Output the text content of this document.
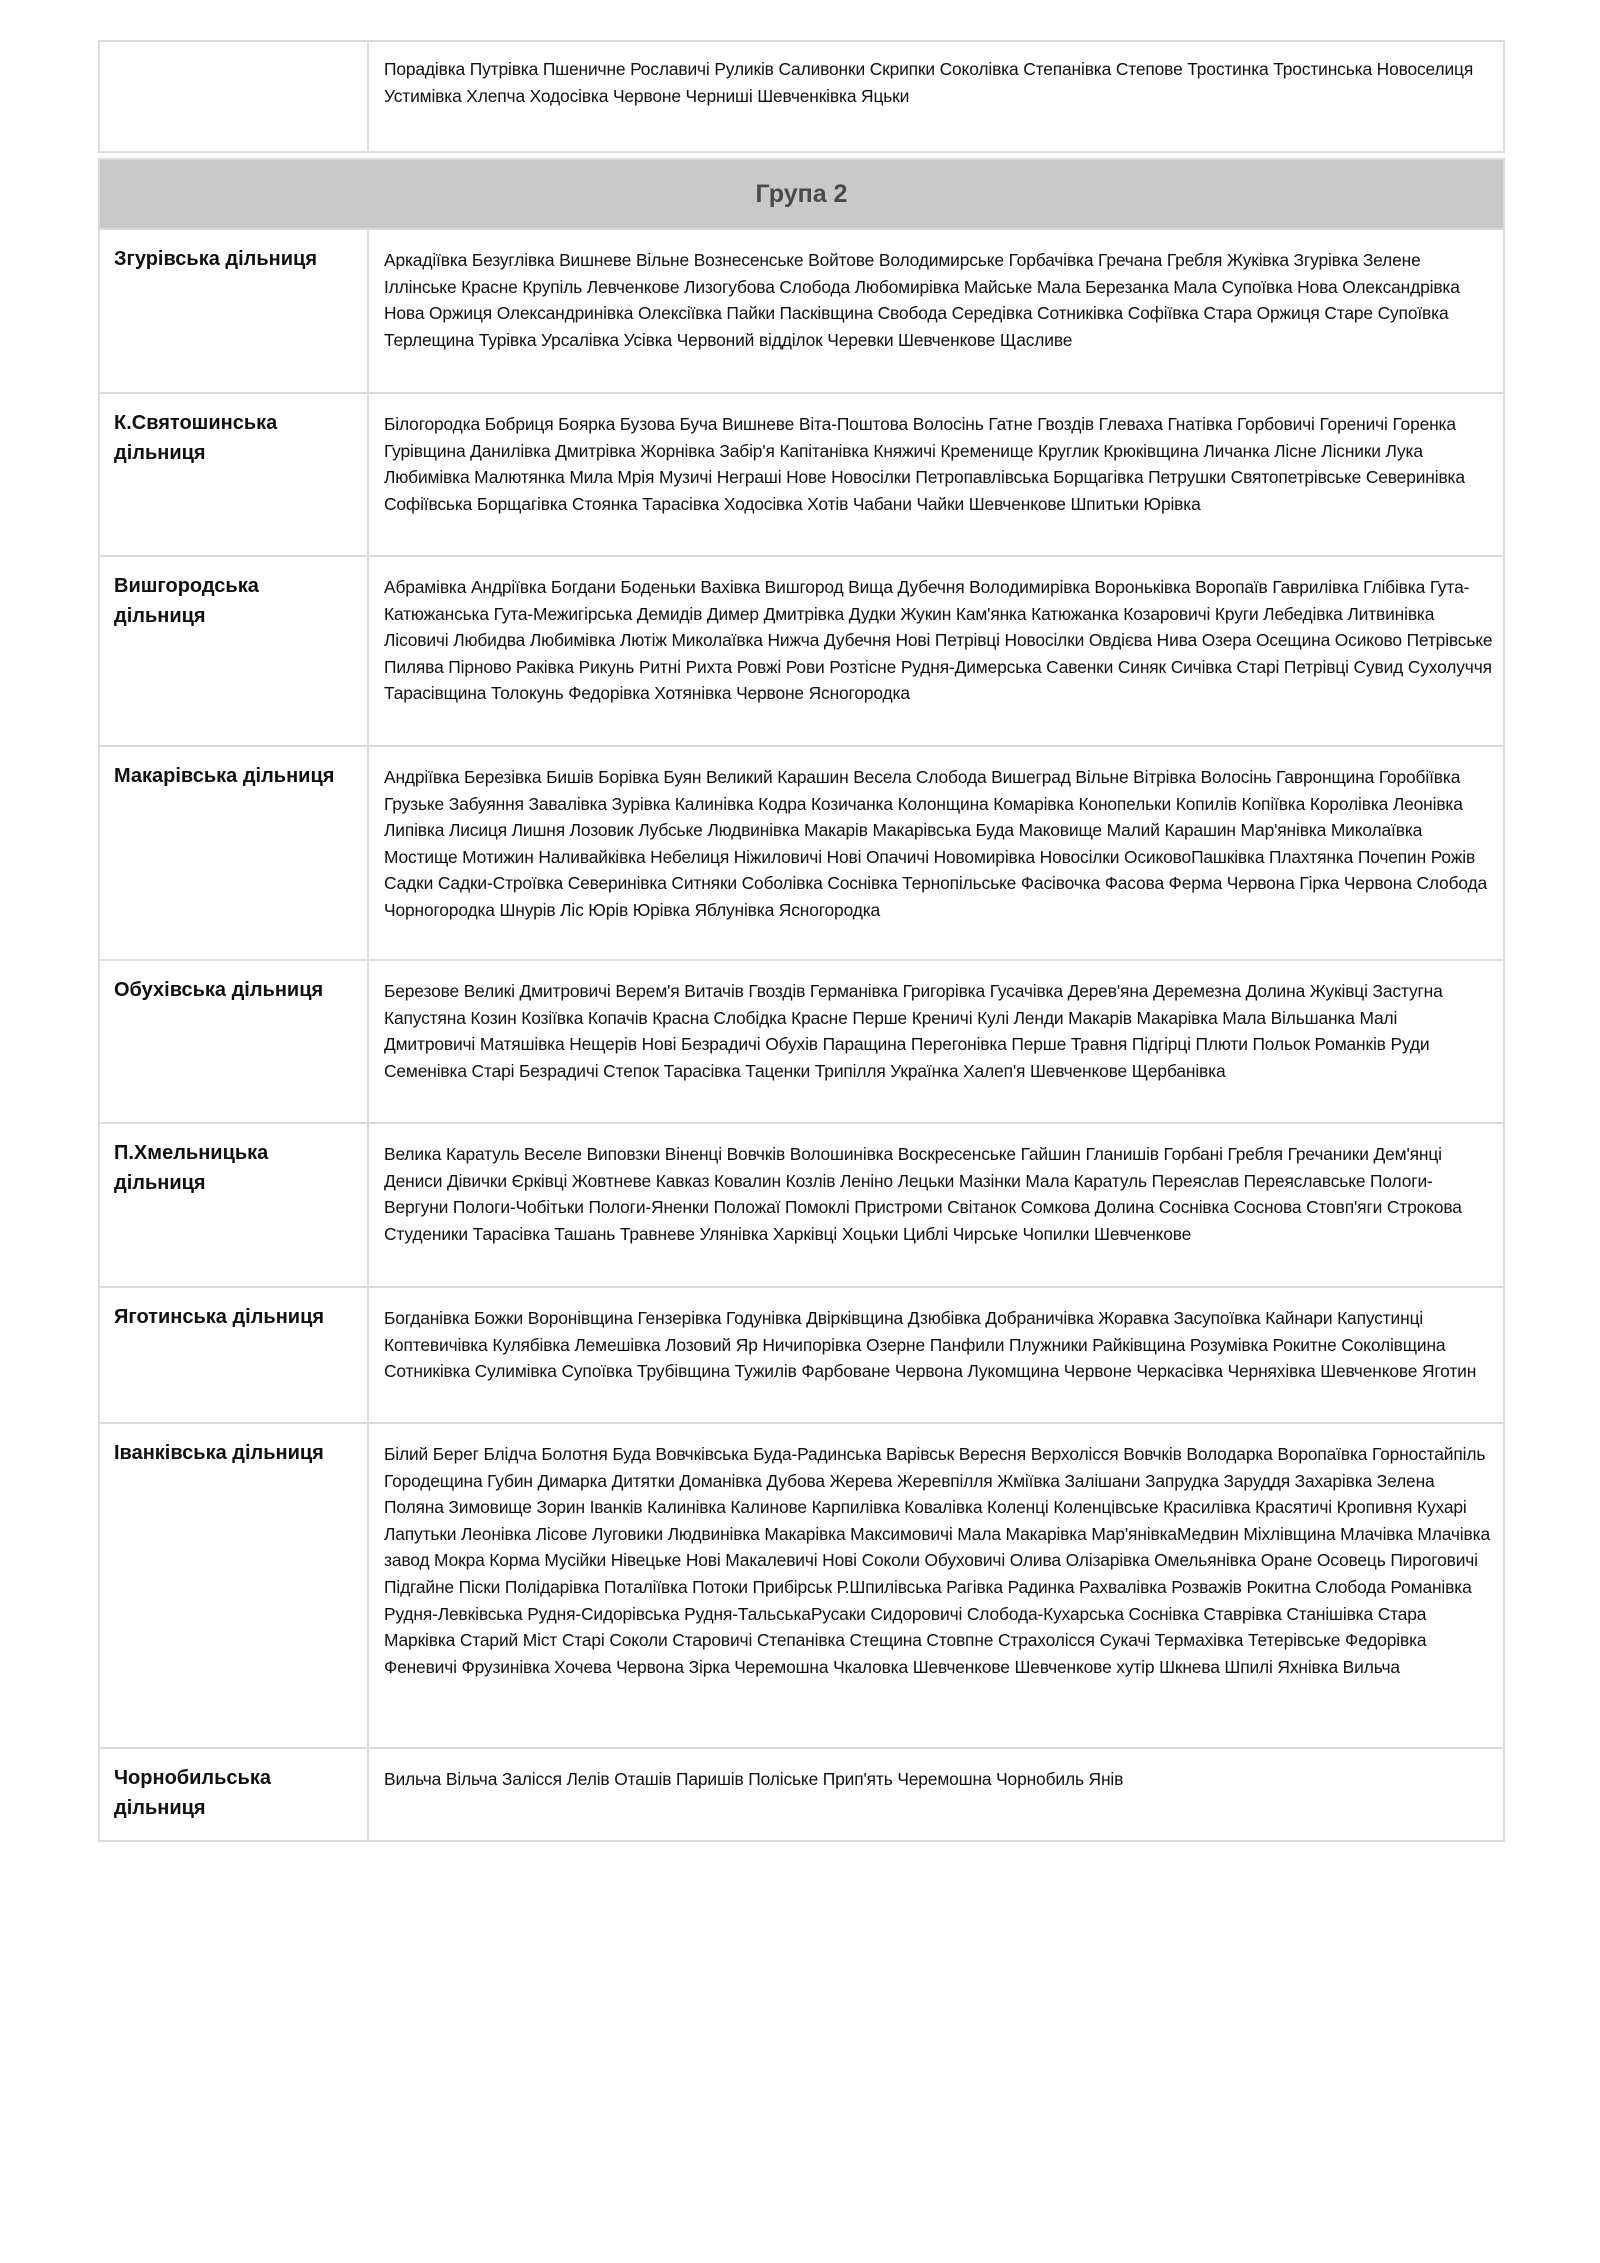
	Порадівка Путрівка Пшеничне Рославичі Руликів Саливонки Скрипки Соколівка Степанівка Степове Тростинка Тростинська Новоселиця Устимівка Хлепча Ходосівка Червоне Черниші Шевченківка Яцьки
Група 2	
Згурівська дільниця	Аркадіївка Безуглівка Вишневе Вільне Вознесенське Войтове Володимирське Горбачівка Гречана Гребля Жуківка Згурівка Зелене Іллінське Красне Крупіль Левченкове Лизогубова Слобода Любомирівка Майське Мала Березанка Мала Супоївка Нова Олександрівка Нова Оржиця Олександринівка Олексіївка Пайки Пасківщина Свобода Середівка Сотниківка Софіївка Стара Оржиця Старе Супоївка Терлещина Турівка Урсалівка Усівка Червоний відділок Черевки Шевченкове Щасливе
К.Святошинська дільниця	Білогородка Бобриця Боярка Бузова Буча Вишневе Віта-Поштова Волосінь Гатне Гвоздів Глеваха Гнатівка Горбовичі Гореничі Горенка Гурівщина Данилівка Дмитрівка Жорнівка Забір'я Капітанівка Княжичі Кременище Круглик Крюківщина Личанка Лісне Лісники Лука Любимівка Малютянка Мила Мрія Музичі Неграші Нове Новосілки Петропавлівська Борщагівка Петрушки Святопетрівське Северинівка Софіївська Борщагівка Стоянка Тарасівка Ходосівка Хотів Чабани Чайки Шевченкове Шпитьки Юрівка
Вишгородська дільниця	Абрамівка Андріївка Богдани Боденьки Вахівка Вишгород Вища Дубечня Володимирівка Вороньківка Воропаїв Гаврилівка Глібівка Гута-Катюжанська Гута-Межигірська Демидів Димер Дмитрівка Дудки Жукин Кам'янка Катюжанка Козаровичі Круги Лебедівка Литвинівка Лісовичі Любидва Любимівка Лютіж Миколаївка Нижча Дубечня Нові Петрівці Новосілки Овдієва Нива Озера Осещина Осиково Петрівське Пилява Пірново Раківка Рикунь Ритні Рихта Ровжі Рови Розтісне Рудня-Димерська Савенки Синяк Сичівка Старі Петрівці Сувид Сухолуччя Тарасівщина Толокунь Федорівка Хотянівка Червоне Ясногородка
Макарівська дільниця	Андріївка Березівка Бишів Борівка Буян Великий Карашин Весела Слобода Вишеград Вільне Вітрівка Волосінь Гавронщина Горобіївка Грузьке Забуяння Завалівка Зурівка Калинівка Кодра Козичанка Колонщина Комарівка Конопельки Копилів Копіївка Королівка Леонівка Липівка Лисиця Лишня Лозовик Лубське Людвинівка Макарів Макарівська Буда Маковище Малий Карашин Мар'янівка Миколаївка Мостище Мотижин Наливайківка Небелиця Ніжиловичі Нові Опачичі Новомирівка Новосілки ОсиковоПашківка Плахтянка Почепин Рожів Садки Садки-Строївка Северинівка Ситняки Соболівка Соснівка Тернопільське Фасівочка Фасова Ферма Червона Гірка Червона Слобода Чорногородка Шнурів Ліс Юрів Юрівка Яблунівка Ясногородка
Обухівська дільниця	Березове Великі Дмитровичі Верем'я Витачів Гвоздів Германівка Григорівка Гусачівка Дерев'яна Деремезна Долина Жуківці Застугна Капустяна Козин Козіївка Копачів Красна Слобідка Красне Перше Креничі Кулі Ленди Макарів Макарівка Мала Вільшанка Малі Дмитровичі Матяшівка Нещерів Нові Безрадичі Обухів Паращина Перегонівка Перше Травня Підгірці Плюти Польок Романків Руди Семенівка Старі Безрадичі Степок Тарасівка Таценки Трипілля Українка Халеп'я Шевченкове Щербанівка
П.Хмельницька дільниця	Велика Каратуль Веселе Виповзки Віненці Вовчків Волошинівка Воскресенське Гайшин Гланишів Горбані Гребля Гречаники Дем'янці Дениси Дівички Єрківці Жовтневе Кавказ Ковалин Козлів Леніно Лецьки Мазінки Мала Каратуль Переяслав Переяславське Пологи-Вергуни Пологи-Чобітьки Пологи-Яненки Положаї Помоклі Пристроми Світанок Сомкова Долина Соснівка Соснова Стовп'яги Строкова Студеники Тарасівка Ташань Травневе Улянівка Харківці Хоцьки Циблі Чирське Чопилки Шевченкове
Яготинська дільниця	Богданівка Божки Воронівщина Гензерівка Годунівка Двірківщина Дзюбівка Добраничівка Жоравка Засупоївка Кайнари Капустинці Коптевичівка Кулябівка Лемешівка Лозовий Яр Ничипорівка Озерне Панфили Плужники Райківщина Розумівка Рокитне Соколівщина Сотниківка Сулимівка Супоївка Трубівщина Тужилів Фарбоване Червона Лукомщина Червоне Черкасівка Черняхівка Шевченкове Яготин
Іванківська дільниця	Білий Берег Блідча Болотня Буда Вовчківська Буда-Радинська Варівськ Вересня Верхолісся Вовчків Володарка Воропаївка Горностайпіль Городещина Губин Димарка Дитятки Доманівка Дубова Жерева Жеревпілля Жміївка Залішани Запрудка Заруддя Захарівка Зелена Поляна Зимовище Зорин Іванків Калинівка Калинове Карпилівка Ковалівка Коленці Коленцівське Красилівка Красятичі Кропивня Кухарі Лапутьки Леонівка Лісове Луговики Людвинівка Макарівка Максимовичі Мала Макарівка Мар'янівкаМедвин Міхлівщина Млачівка Млачівка завод Мокра Корма Мусійки Нівецьке Нові Макалевичі Нові Соколи Обуховичі Олива Олізарівка Омельянівка Оране Осовець Пироговичі Підгайне Піски Полідарівка Поталіївка Потоки Прибірськ Р.Шпилівська Рагівка Радинка Рахвалівка Розважів Рокитна Слобода Романівка Рудня-Левківська Рудня-Сидорівська Рудня-ТальськаРусаки Сидоровичі Слобода-Кухарська Соснівка Ставрівка Станішівка Стара Марківка Старий Міст Старі Соколи Старовичі Степанівка Стещина Стовпне Страхолісся Сукачі Термахівка Тетерівське Федорівка Феневичі Фрузинівка Хочева Червона Зірка Черемошна Чкаловка Шевченкове Шевченкове хутір Шкнева Шпилі Яхнівка Вильча
Чорнобильська дільниця	Вильча Вільча Залісся Лелів Оташів Паришів Поліське Прип'ять Черемошна Чорнобиль Янів
